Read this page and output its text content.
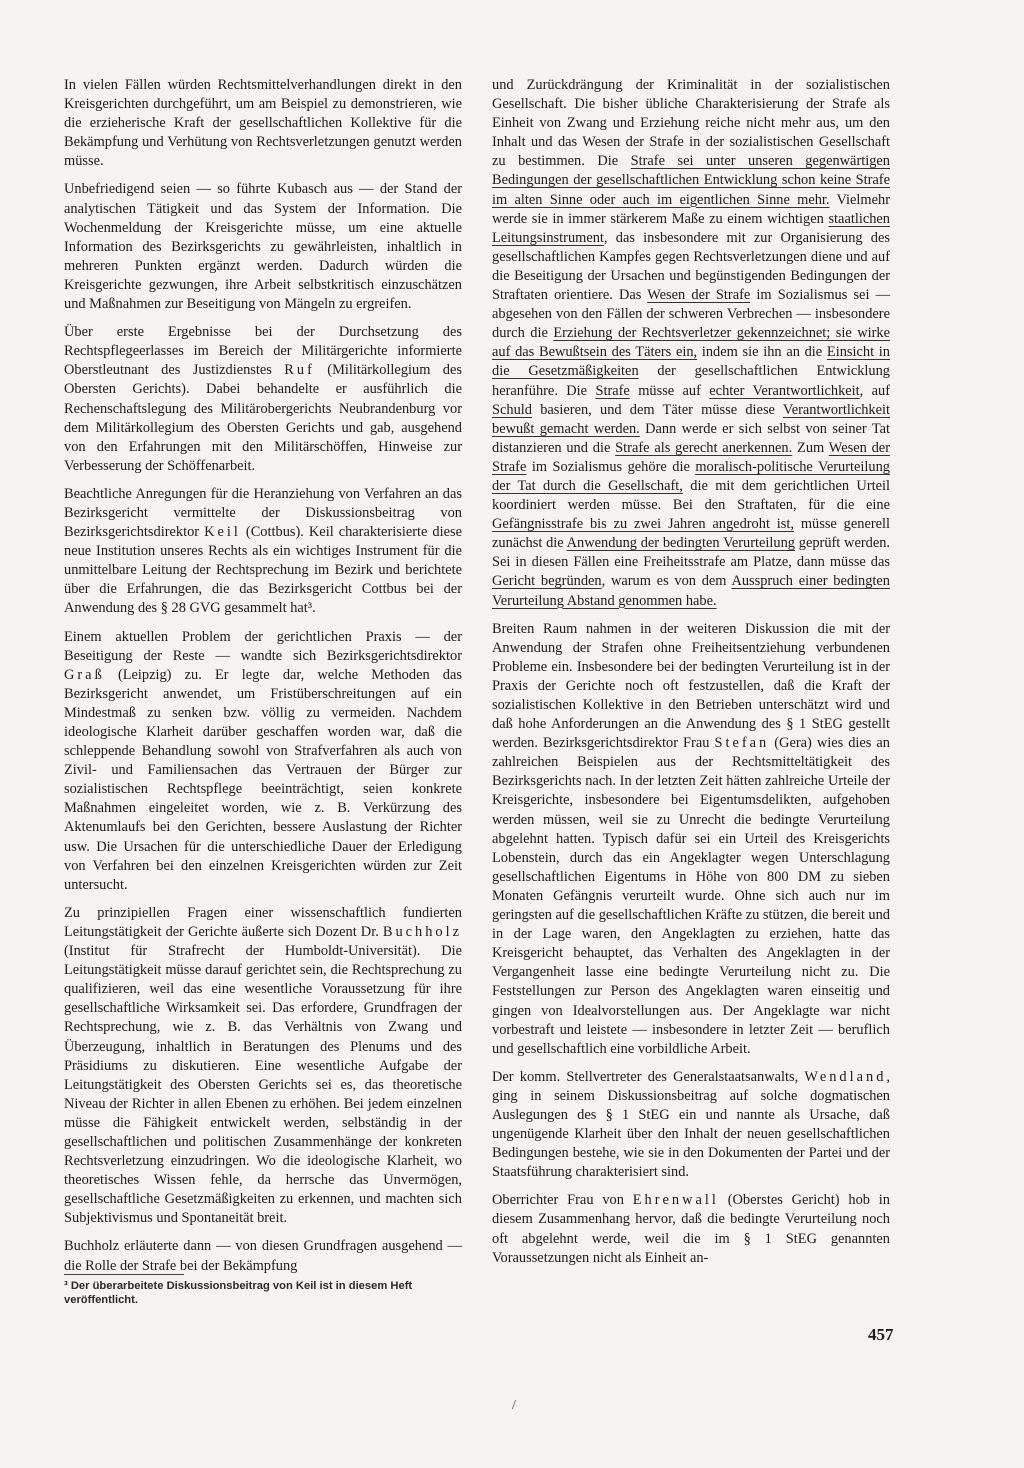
In vielen Fällen würden Rechtsmittelverhandlungen direkt in den Kreisgerichten durchgeführt, um am Beispiel zu demonstrieren, wie die erzieherische Kraft der gesellschaftlichen Kollektive für die Bekämpfung und Verhütung von Rechtsverletzungen genutzt werden müsse.

Unbefriedigend seien — so führte Kubasch aus — der Stand der analytischen Tätigkeit und das System der Information. Die Wochenmeldung der Kreisgerichte müsse, um eine aktuelle Information des Bezirksgerichts zu gewährleisten, inhaltlich in mehreren Punkten ergänzt werden. Dadurch würden die Kreisgerichte gezwungen, ihre Arbeit selbstkritisch einzuschätzen und Maßnahmen zur Beseitigung von Mängeln zu ergreifen.

Über erste Ergebnisse bei der Durchsetzung des Rechtspflegeerlasses im Bereich der Militärgerichte informierte Oberstleutnant des Justizdienstes Ruf (Militärkollegium des Obersten Gerichts). Dabei behandelte er ausführlich die Rechenschaftslegung des Militärobergerichts Neubrandenburg vor dem Militärkollegium des Obersten Gerichts und gab, ausgehend von den Erfahrungen mit den Militärschöffen, Hinweise zur Verbesserung der Schöffenarbeit.

Beachtliche Anregungen für die Heranziehung von Verfahren an das Bezirksgericht vermittelte der Diskussionsbeitrag von Bezirksgerichtsdirektor Keil (Cottbus). Keil charakterisierte diese neue Institution unseres Rechts als ein wichtiges Instrument für die unmittelbare Leitung der Rechtsprechung im Bezirk und berichtete über die Erfahrungen, die das Bezirksgericht Cottbus bei der Anwendung des § 28 GVG gesammelt hat³.

Einem aktuellen Problem der gerichtlichen Praxis — der Beseitigung der Reste — wandte sich Bezirksgerichtsdirektor Graß (Leipzig) zu. Er legte dar, welche Methoden das Bezirksgericht anwendet, um Fristüberschreitungen auf ein Mindestmaß zu senken bzw. völlig zu vermeiden. Nachdem ideologische Klarheit darüber geschaffen worden war, daß die schleppende Behandlung sowohl von Strafverfahren als auch von Zivil- und Familiensachen das Vertrauen der Bürger zur sozialistischen Rechtspflege beeinträchtigt, seien konkrete Maßnahmen eingeleitet worden, wie z. B. Verkürzung des Aktenumlaufs bei den Gerichten, bessere Auslastung der Richter usw. Die Ursachen für die unterschiedliche Dauer der Erledigung von Verfahren bei den einzelnen Kreisgerichten würden zur Zeit untersucht.

Zu prinzipiellen Fragen einer wissenschaftlich fundierten Leitungstätigkeit der Gerichte äußerte sich Dozent Dr. Buchholz (Institut für Strafrecht der Humboldt-Universität). Die Leitungstätigkeit müsse darauf gerichtet sein, die Rechtsprechung zu qualifizieren, weil das eine wesentliche Voraussetzung für ihre gesellschaftliche Wirksamkeit sei. Das erfordere, Grundfragen der Rechtsprechung, wie z. B. das Verhältnis von Zwang und Überzeugung, inhaltlich in Beratungen des Plenums und des Präsidiums zu diskutieren. Eine wesentliche Aufgabe der Leitungstätigkeit des Obersten Gerichts sei es, das theoretische Niveau der Richter in allen Ebenen zu erhöhen. Bei jedem einzelnen müsse die Fähigkeit entwickelt werden, selbständig in der gesellschaftlichen und politischen Zusammenhänge der konkreten Rechtsverletzung einzudringen. Wo die ideologische Klarheit, wo theoretisches Wissen fehle, da herrsche das Unvermögen, gesellschaftliche Gesetzmäßigkeiten zu erkennen, und machten sich Subjektivismus und Spontaneität breit.

Buchholz erläuterte dann — von diesen Grundfragen ausgehend — die Rolle der Strafe bei der Bekämpfung

und Zurückdrängung der Kriminalität in der sozialistischen Gesellschaft. Die bisher übliche Charakterisierung der Strafe als Einheit von Zwang und Erziehung reiche nicht mehr aus, um den Inhalt und das Wesen der Strafe in der sozialistischen Gesellschaft zu bestimmen. Die Strafe sei unter unseren gegenwärtigen Bedingungen der gesellschaftlichen Entwicklung schon keine Strafe im alten Sinne oder auch im eigentlichen Sinne mehr. Vielmehr werde sie in immer stärkerem Maße zu einem wichtigen staatlichen Leitungsinstrument, das insbesondere mit zur Organisierung des gesellschaftlichen Kampfes gegen Rechtsverletzungen diene und auf die Beseitigung der Ursachen und begünstigenden Bedingungen der Straftaten orientiere. Das Wesen der Strafe im Sozialismus sei — abgesehen von den Fällen der schweren Verbrechen — insbesondere durch die Erziehung der Rechtsverletzer gekennzeichnet; sie wirke auf das Bewußtsein des Täters ein, indem sie ihn an die Einsicht in die Gesetzmäßigkeiten der gesellschaftlichen Entwicklung heranführe. Die Strafe müsse auf echter Verantwortlichkeit, auf Schuld basieren, und dem Täter müsse diese Verantwortlichkeit bewußt gemacht werden. Dann werde er sich selbst von seiner Tat distanzieren und die Strafe als gerecht anerkennen. Zum Wesen der Strafe im Sozialismus gehöre die moralisch-politische Verurteilung der Tat durch die Gesellschaft, die mit dem gerichtlichen Urteil koordiniert werden müsse. Bei den Straftaten, für die eine Gefängnisstrafe bis zu zwei Jahren angedroht ist, müsse generell zunächst die Anwendung der bedingten Verurteilung geprüft werden. Sei in diesen Fällen eine Freiheitsstrafe am Platze, dann müsse das Gericht begründen, warum es von dem Ausspruch einer bedingten Verurteilung Abstand genommen habe.

Breiten Raum nahmen in der weiteren Diskussion die mit der Anwendung der Strafen ohne Freiheitsentziehung verbundenen Probleme ein. Insbesondere bei der bedingten Verurteilung ist in der Praxis der Gerichte noch oft festzustellen, daß die Kraft der sozialistischen Kollektive in den Betrieben unterschätzt wird und daß hohe Anforderungen an die Anwendung des § 1 StEG gestellt werden. Bezirksgerichtsdirektor Frau Stefan (Gera) wies dies an zahlreichen Beispielen aus der Rechtsmitteltätigkeit des Bezirksgerichts nach. In der letzten Zeit hätten zahlreiche Urteile der Kreisgerichte, insbesondere bei Eigentumsdelikten, aufgehoben werden müssen, weil sie zu Unrecht die bedingte Verurteilung abgelehnt hatten. Typisch dafür sei ein Urteil des Kreisgerichts Lobenstein, durch das ein Angeklagter wegen Unterschlagung gesellschaftlichen Eigentums in Höhe von 800 DM zu sieben Monaten Gefängnis verurteilt wurde. Ohne sich auch nur im geringsten auf die gesellschaftlichen Kräfte zu stützen, die bereit und in der Lage waren, den Angeklagten zu erziehen, hatte das Kreisgericht behauptet, das Verhalten des Angeklagten in der Vergangenheit lasse eine bedingte Verurteilung nicht zu. Die Feststellungen zur Person des Angeklagten waren einseitig und gingen von Idealvorstellungen aus. Der Angeklagte war nicht vorbestraft und leistete — insbesondere in letzter Zeit — beruflich und gesellschaftlich eine vorbildliche Arbeit.

Der komm. Stellvertreter des Generalstaatsanwalts, Wendland, ging in seinem Diskussionsbeitrag auf solche dogmatischen Auslegungen des § 1 StEG ein und nannte als Ursache, daß ungenügende Klarheit über den Inhalt der neuen gesellschaftlichen Bedingungen bestehe, wie sie in den Dokumenten der Partei und der Staatsführung charakterisiert sind.

Oberrichter Frau von Ehrenwall (Oberstes Gericht) hob in diesem Zusammenhang hervor, daß die bedingte Verurteilung noch oft abgelehnt werde, weil die im § 1 StEG genannten Voraussetzungen nicht als Einheit an-

³ Der überarbeitete Diskussionsbeitrag von Keil ist in diesem Heft veröffentlicht.
457
/
